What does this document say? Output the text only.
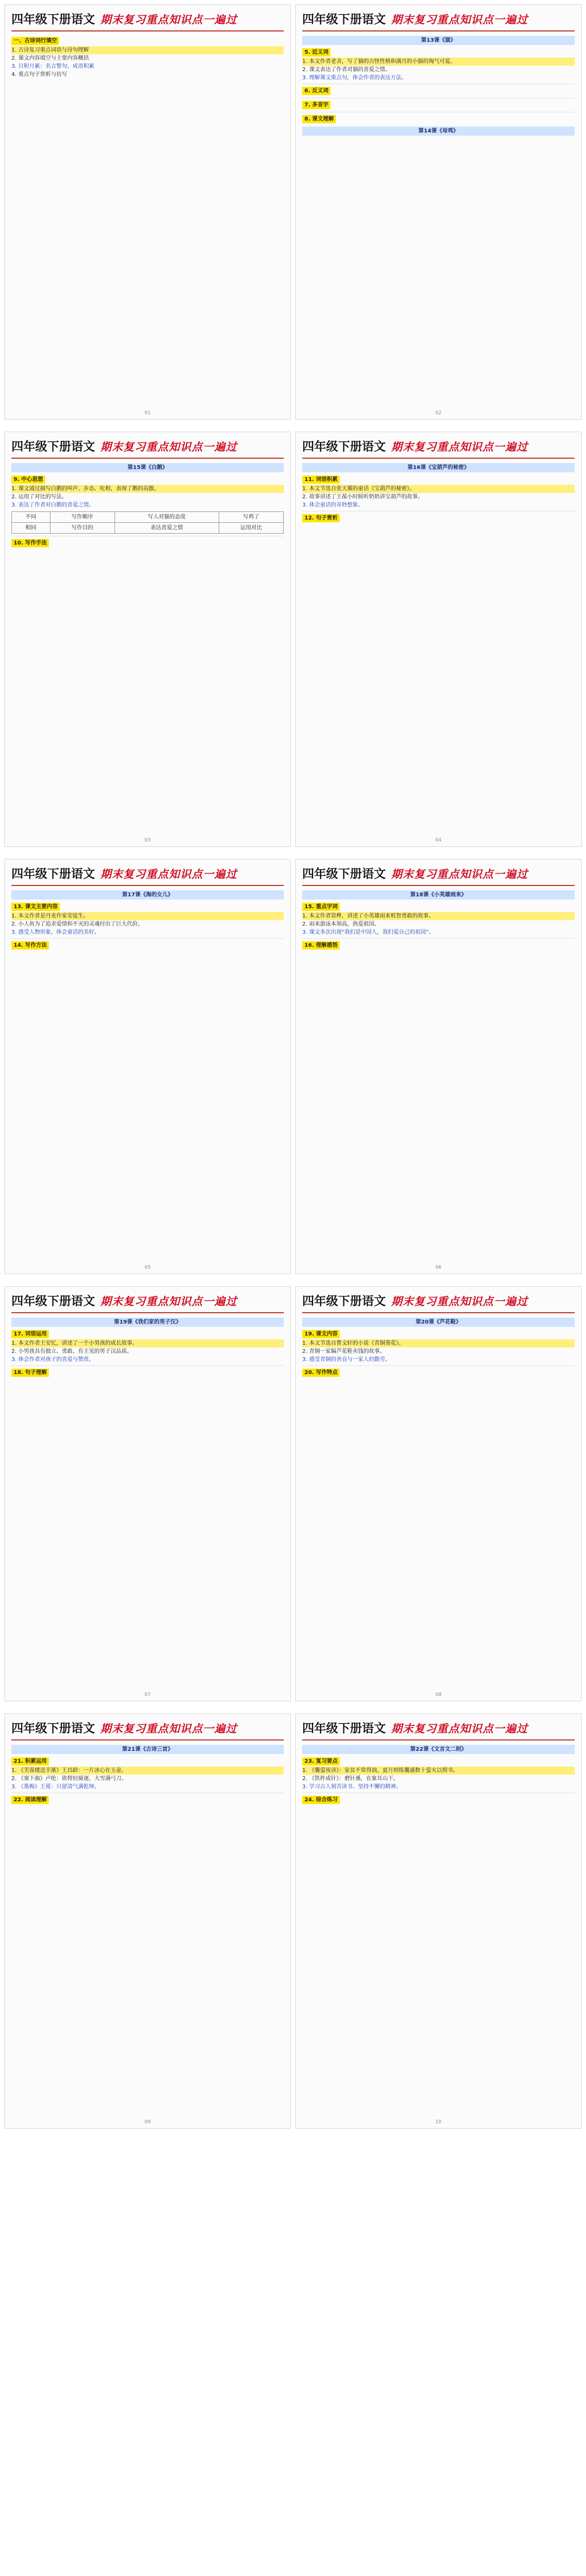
四年级下册语文 期末复习重点知识点一遍过
一、古诗词行填空
1. 古诗复习重点词语与诗句理解
2. 课文内容填空与主要内容概括
3. 日积月累：名言警句、成语积累
4. 重点句子赏析与仿写
01
四年级下册语文 期末复习重点知识点一遍过
第13课《猫》
5. 近义词
1. 本文作者老舍，写了猫的古怪性格和满月的小猫的淘气可爱。
2. 课文表达了作者对猫的喜爱之情。
3. 理解课文重点句，体会作者的表达方法。
6. 反义词
7. 多音字
8. 课文理解
第14课《母鸡》
02
四年级下册语文 期末复习重点知识点一遍过
第15课《白鹅》
9. 中心思想
1. 课文通过描写白鹅的叫声、步态、吃相，表现了鹅的高傲。
2. 运用了对比的写法。
3. 表达了作者对白鹅的喜爱之情。
不同	写作顺序	写人对猫的态度	写鸡了
相同	写作目的	表达喜爱之情	运用对比
10. 写作手法
03
四年级下册语文 期末复习重点知识点一遍过
第16课《宝葫芦的秘密》
11. 词语积累
1. 本文节选自张天翼的童话《宝葫芦的秘密》。
2. 故事讲述了王葆小时候听奶奶讲宝葫芦的故事。
3. 体会童话的奇妙想象。
12. 句子赏析
04
四年级下册语文 期末复习重点知识点一遍过
第17课《海的女儿》
13. 课文主要内容
1. 本文作者是丹麦作家安徒生。
2. 小人鱼为了追求爱情和不灭的灵魂付出了巨大代价。
3. 感受人物形象，体会童话的美好。
14. 写作方法
05
四年级下册语文 期末复习重点知识点一遍过
第18课《小英雄雨来》
15. 重点字词
1. 本文作者管桦，讲述了小英雄雨来机智勇敢的故事。
2. 雨来游泳本领高，热爱祖国。
3. 课文多次出现“我们是中国人，我们爱自己的祖国”。
16. 理解感悟
06
四年级下册语文 期末复习重点知识点一遍过
第19课《我们家的男子汉》
17. 词语运用
1. 本文作者王安忆，讲述了一个小男孩的成长故事。
2. 小男孩具有独立、勇敢、有主见的男子汉品质。
3. 体会作者对孩子的喜爱与赞赏。
18. 句子理解
07
四年级下册语文 期末复习重点知识点一遍过
第20课《芦花鞋》
19. 课文内容
1. 本文节选自曹文轩的小说《青铜葵花》。
2. 青铜一家编芦花鞋卖钱的故事。
3. 感受青铜的善良与一家人的勤劳。
20. 写作特点
08
四年级下册语文 期末复习重点知识点一遍过
第21课《古诗三首》
21. 积累运用
1. 《芙蓉楼送辛渐》王昌龄：一片冰心在玉壶。
2. 《塞下曲》卢纶：欲将轻骑逐，大雪满弓刀。
3. 《墨梅》王冕：只留清气满乾坤。
22. 阅读理解
09
四年级下册语文 期末复习重点知识点一遍过
第22课《文言文二则》
23. 复习要点
1. 《囊萤夜读》：家贫不常得油，夏月则练囊盛数十萤火以照书。
2. 《铁杵成针》：磨针溪，在象耳山下。
3. 学习古人刻苦读书、坚持不懈的精神。
24. 综合练习
10
